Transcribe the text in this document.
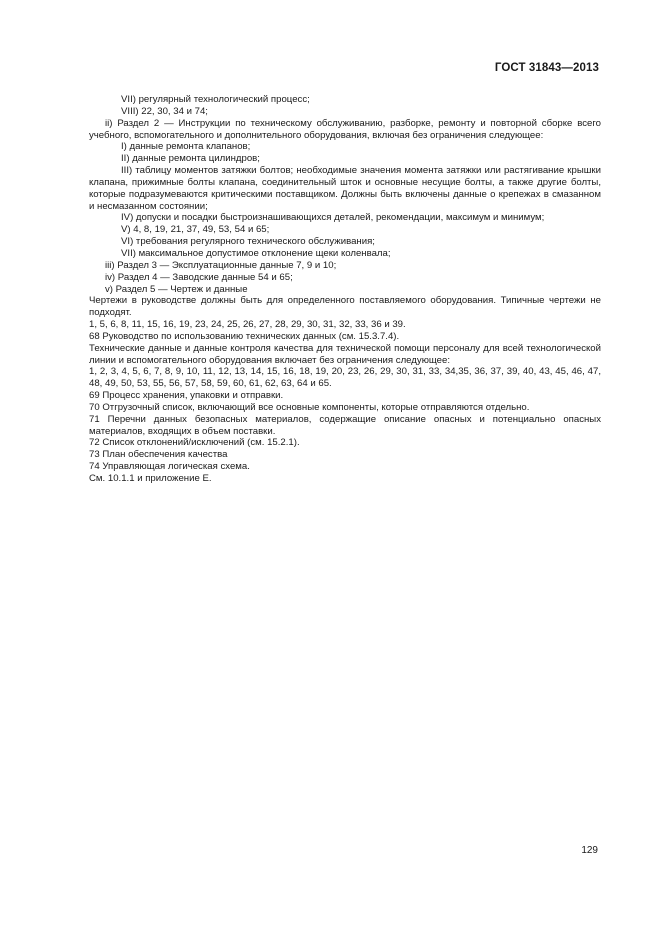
ГОСТ 31843—2013

VII) регулярный технологический процесс;

VIII) 22, 30, 34 и 74;

ii) Раздел 2 — Инструкции по техническому обслуживанию, разборке, ремонту и повторной сборке всего учебного, вспомогательного и дополнительного оборудования, включая без ограничения следующее:

I) данные ремонта клапанов;

II) данные ремонта цилиндров;

III) таблицу моментов затяжки болтов; необходимые значения момента затяжки или растягивание крышки клапана, прижимные болты клапана, соединительный шток и основные несущие болты, а также другие болты, которые подразумеваются критическими поставщиком. Должны быть включены данные о крепежах в смазанном и несмазанном состоянии;

IV) допуски и посадки быстроизнашивающихся деталей, рекомендации, максимум и минимум;

V) 4, 8, 19, 21, 37, 49, 53, 54 и 65;

VI) требования регулярного технического обслуживания;

VII) максимальное допустимое отклонение щеки коленвала;

iii) Раздел 3 — Эксплуатационные данные 7, 9 и 10;

iv) Раздел 4 — Заводские данные 54 и 65;

v) Раздел 5 — Чертеж и данные

Чертежи в руководстве должны быть для определенного поставляемого оборудования. Типичные чертежи не подходят.

1, 5, 6, 8, 11, 15, 16, 19, 23, 24, 25, 26, 27, 28, 29, 30, 31, 32, 33, 36 и 39.

68 Руководство по использованию технических данных (см. 15.3.7.4).

Технические данные и данные контроля качества для технической помощи персоналу для всей технологической линии и вспомогательного оборудования включает без ограничения следующее:

1, 2, 3, 4, 5, 6, 7, 8, 9, 10, 11, 12, 13, 14, 15, 16, 18, 19, 20, 23, 26, 29, 30, 31, 33, 34,35, 36, 37, 39, 40, 43, 45, 46, 47, 48, 49, 50, 53, 55, 56, 57, 58, 59, 60, 61, 62, 63, 64 и 65.

69 Процесс хранения, упаковки и отправки.

70 Отгрузочный список, включающий все основные компоненты, которые отправляются отдельно.

71 Перечни данных безопасных материалов, содержащие описание опасных и потенциально опасных материалов, входящих в объем поставки.

72 Список отклонений/исключений (см. 15.2.1).

73 План обеспечения качества

74 Управляющая логическая схема.

См. 10.1.1 и приложение Е.

129
